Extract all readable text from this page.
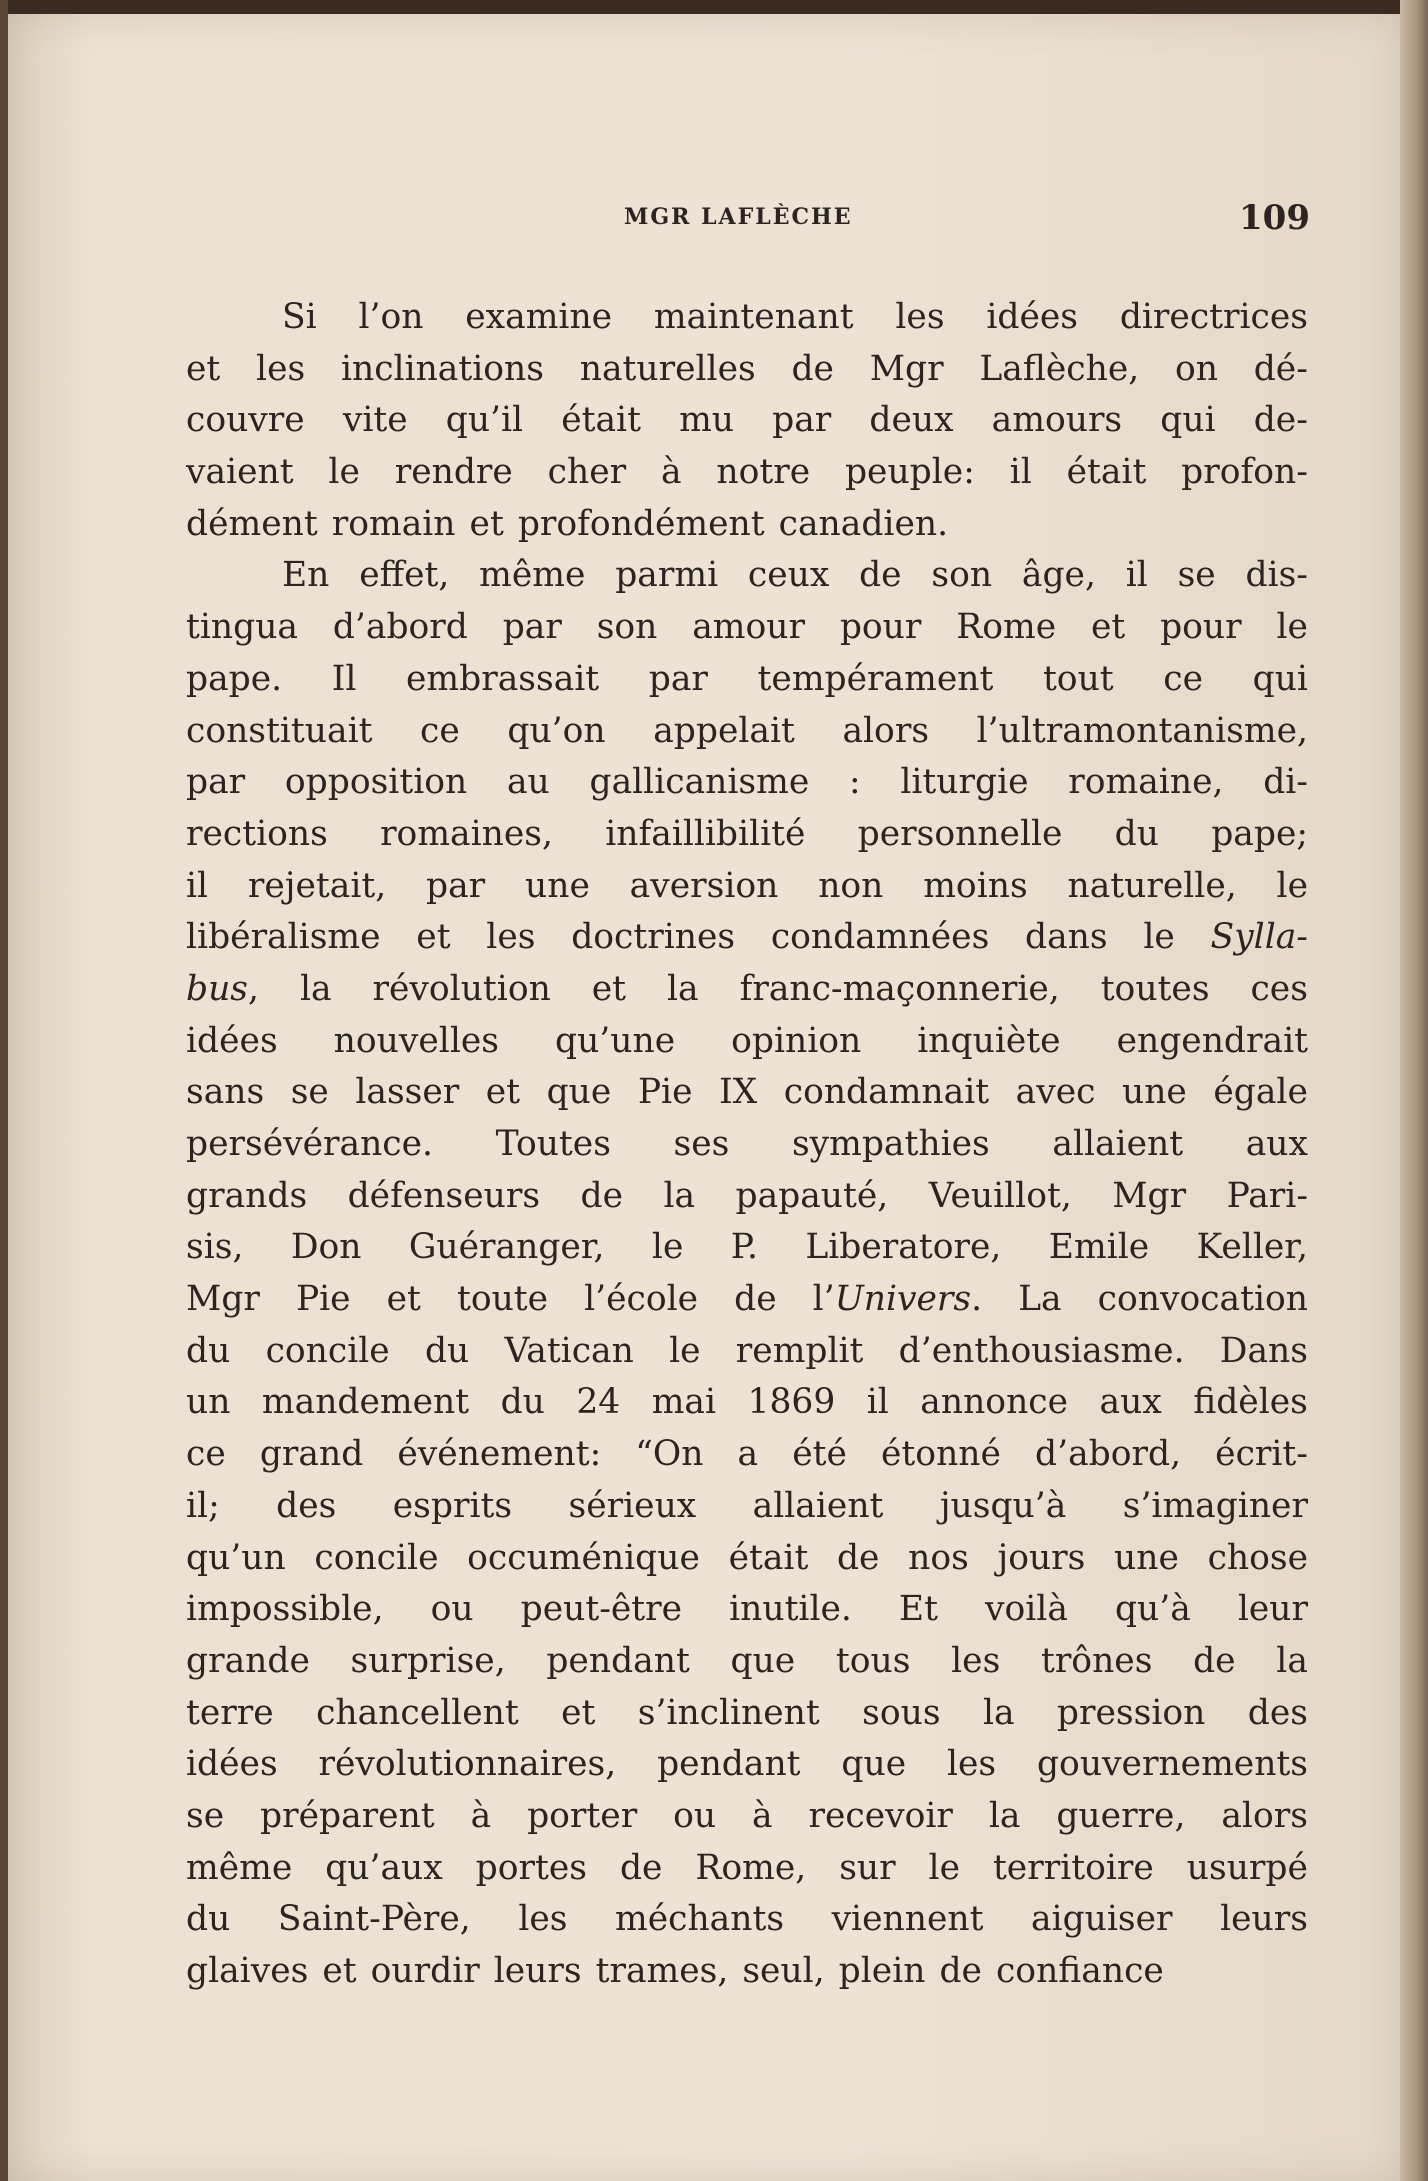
MGR LAFLÈCHE	109
Si l’on examine maintenant les idées directrices
et les inclinations naturelles de Mgr Laflèche, on dé-
couvre vite qu’il était mu par deux amours qui de-
vaient le rendre cher à notre peuple: il était profon-
dément romain et profondément canadien.
En effet, même parmi ceux de son âge, il se dis-
tingua d’abord par son amour pour Rome et pour le
pape. Il embrassait par tempérament tout ce qui
constituait ce qu’on appelait alors l’ultramontanisme,
par opposition au gallicanisme : liturgie romaine, di-
rections romaines, infaillibilité personnelle du pape;
il rejetait, par une aversion non moins naturelle, le
libéralisme et les doctrines condamnées dans le Sylla-
bus, la révolution et la franc-maçonnerie, toutes ces
idées nouvelles qu’une opinion inquiète engendrait
sans se lasser et que Pie IX condamnait avec une égale
persévérance. Toutes ses sympathies allaient aux
grands défenseurs de la papauté, Veuillot, Mgr Pari-
sis, Don Guéranger, le P. Liberatore, Emile Keller,
Mgr Pie et toute l’école de l’Univers. La convocation
du concile du Vatican le remplit d’enthousiasme. Dans
un mandement du 24 mai 1869 il annonce aux fidèles
ce grand événement: “On a été étonné d’abord, écrit-
il; des esprits sérieux allaient jusqu’à s’imaginer
qu’un concile occuménique était de nos jours une chose
impossible, ou peut-être inutile. Et voilà qu’à leur
grande surprise, pendant que tous les trônes de la
terre chancellent et s’inclinent sous la pression des
idées révolutionnaires, pendant que les gouvernements
se préparent à porter ou à recevoir la guerre, alors
même qu’aux portes de Rome, sur le territoire usurpé
du Saint-Père, les méchants viennent aiguiser leurs
glaives et ourdir leurs trames, seul, plein de confiance
